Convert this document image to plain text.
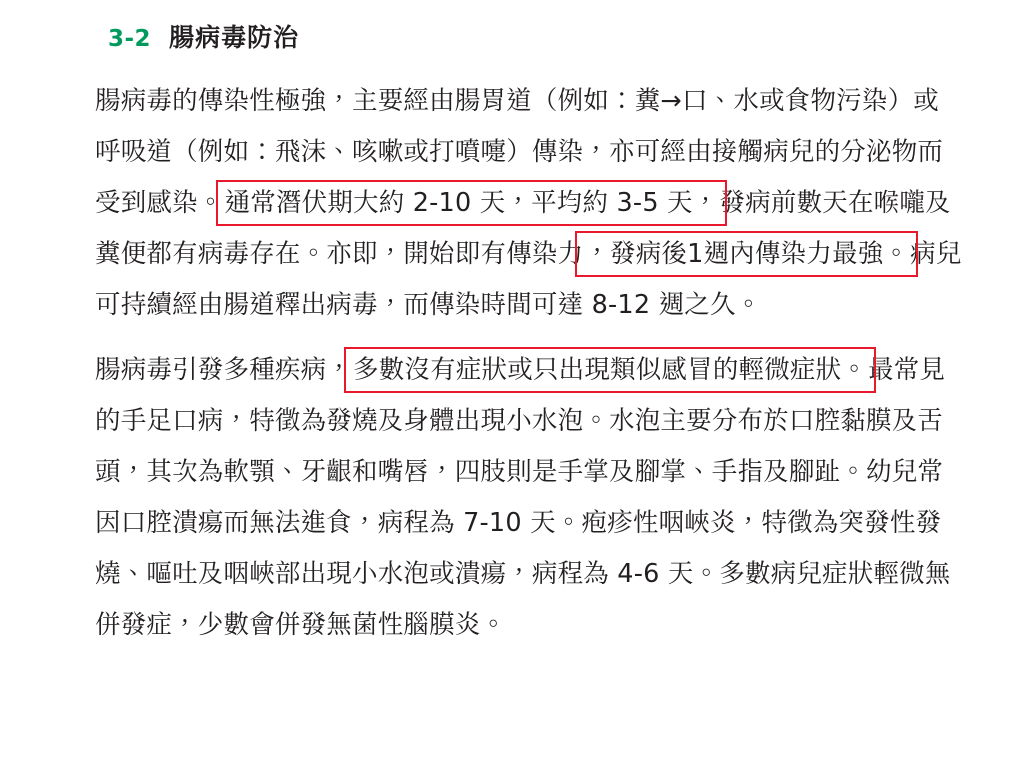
3-2 腸病毒防治

腸病毒的傳染性極強，主要經由腸胃道（例如：糞→口、水或食物污染）或呼吸道（例如：飛沫、咳嗽或打噴嚏）傳染，亦可經由接觸病兒的分泌物而受到感染。通常潛伏期大約 2-10 天，平均約 3-5 天，發病前數天在喉嚨及糞便都有病毒存在。亦即，開始即有傳染力，發病後1週內傳染力最強。病兒可持續經由腸道釋出病毒，而傳染時間可達 8-12 週之久。

腸病毒引發多種疾病，多數沒有症狀或只出現類似感冒的輕微症狀。最常見的手足口病，特徵為發燒及身體出現小水泡。水泡主要分布於口腔黏膜及舌頭，其次為軟顎、牙齦和嘴唇，四肢則是手掌及腳掌、手指及腳趾。幼兒常因口腔潰瘍而無法進食，病程為 7-10 天。疱疹性咽峽炎，特徵為突發性發燒、嘔吐及咽峽部出現小水泡或潰瘍，病程為 4-6 天。多數病兒症狀輕微無併發症，少數會併發無菌性腦膜炎。
